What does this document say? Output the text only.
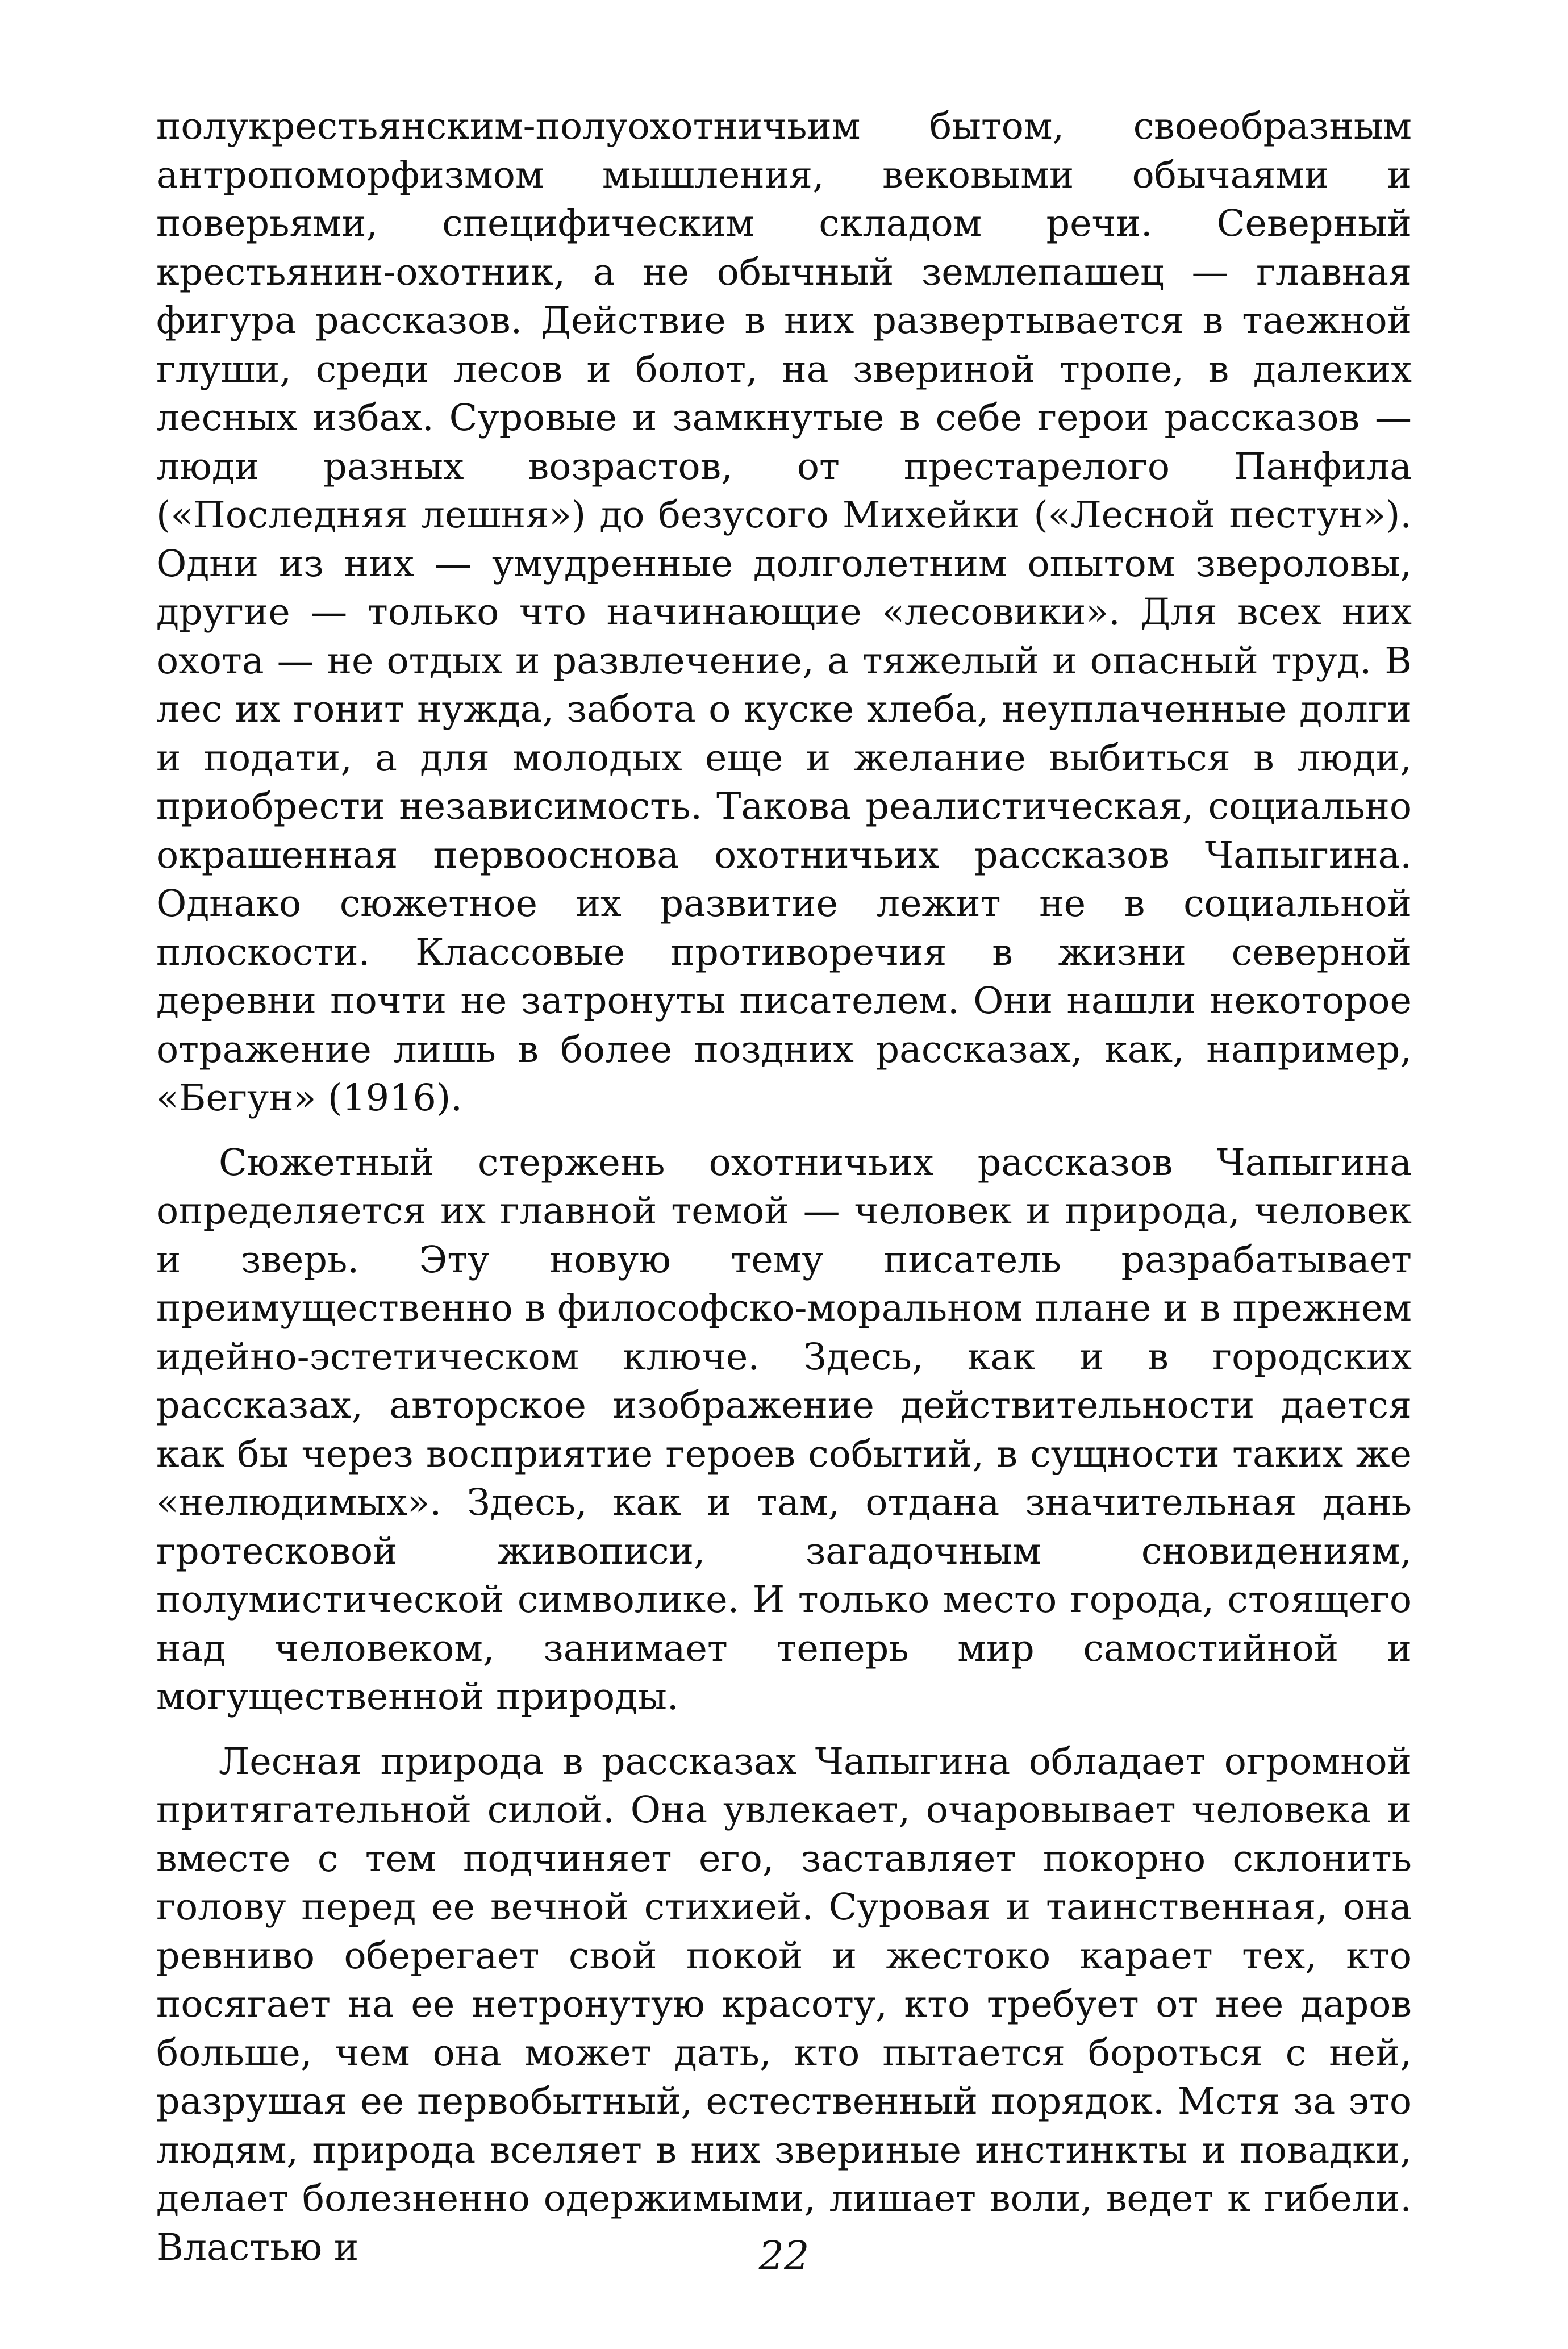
полукрестьянским-полуохотничьим бытом, своеобразным антропоморфизмом мышления, вековыми обычаями и поверьями, специфическим складом речи. Северный крестьянин-охотник, а не обычный землепашец — главная фигура рассказов. Действие в них развертывается в таежной глуши, среди лесов и болот, на звериной тропе, в далеких лесных избах. Суровые и замкнутые в себе герои рассказов — люди разных возрастов, от престарелого Панфила («Последняя лешня») до безусого Михейки («Лесной пестун»). Одни из них — умудренные долголетним опытом звероловы, другие — только что начинающие «лесовики». Для всех них охота — не отдых и развлечение, а тяжелый и опасный труд. В лес их гонит нужда, забота о куске хлеба, неуплаченные долги и подати, а для молодых еще и желание выбиться в люди, приобрести независимость. Такова реалистическая, социально окрашенная первооснова охотничьих рассказов Чапыгина. Однако сюжетное их развитие лежит не в социальной плоскости. Классовые противоречия в жизни северной деревни почти не затронуты писателем. Они нашли некоторое отражение лишь в более поздних рассказах, как, например, «Бегун» (1916).

Сюжетный стержень охотничьих рассказов Чапыгина определяется их главной темой — человек и природа, человек и зверь. Эту новую тему писатель разрабатывает преимущественно в философско-моральном плане и в прежнем идейно-эстетическом ключе. Здесь, как и в городских рассказах, авторское изображение действительности дается как бы через восприятие героев событий, в сущности таких же «нелюдимых». Здесь, как и там, отдана значительная дань гротесковой живописи, загадочным сновидениям, полумистической символике. И только место города, стоящего над человеком, занимает теперь мир самостийной и могущественной природы.

Лесная природа в рассказах Чапыгина обладает огромной притягательной силой. Она увлекает, очаровывает человека и вместе с тем подчиняет его, заставляет покорно склонить голову перед ее вечной стихией. Суровая и таинственная, она ревниво оберегает свой покой и жестоко карает тех, кто посягает на ее нетронутую красоту, кто требует от нее даров больше, чем она может дать, кто пытается бороться с ней, разрушая ее первобытный, естественный порядок. Мстя за это людям, природа вселяет в них звериные инстинкты и повадки, делает болезненно одержимыми, лишает воли, ведет к гибели. Властью и	22
